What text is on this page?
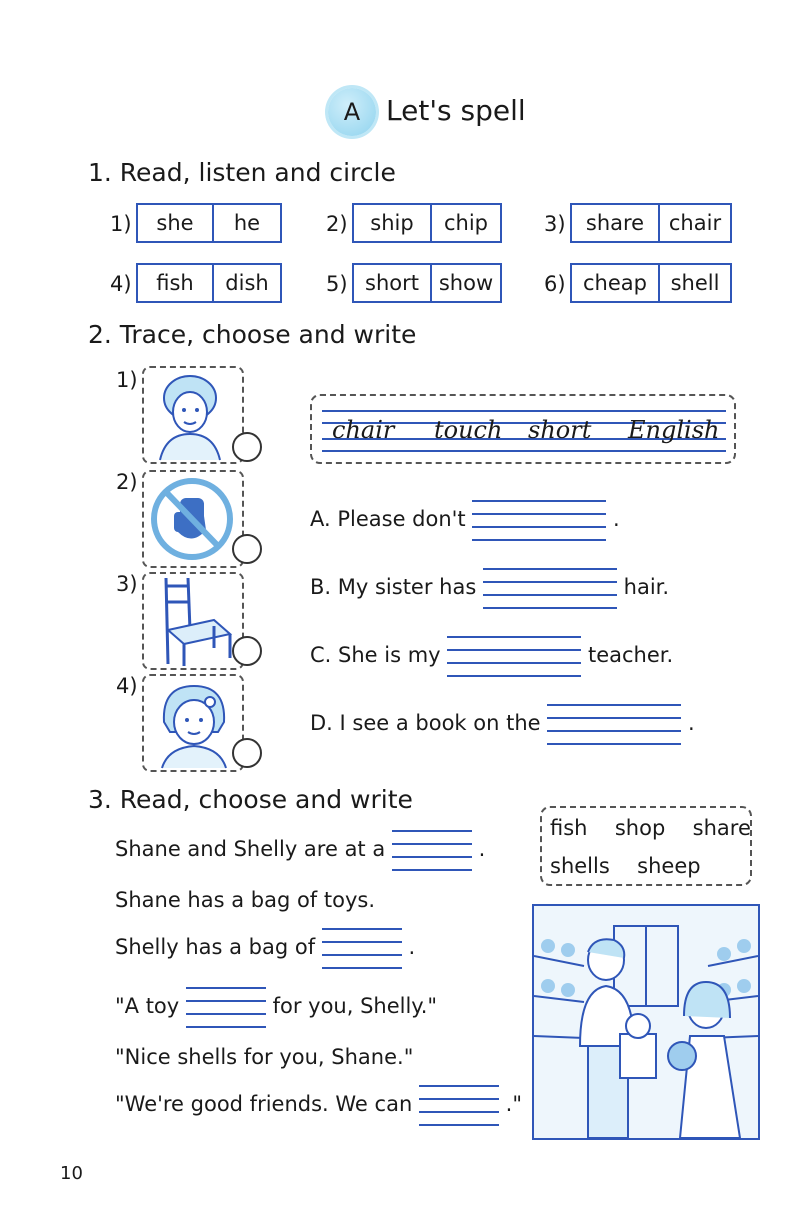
A Let's spell
1. Read, listen and circle
1)	she	he	2)	ship	chip	3) share	chair
4)	fish	dish	5) short show	6) cheap	shell
2. Trace, choose and write
1)
2)
3)
4)
chair touch short English
A. Please don't	.
B. My sister has	hair.
C. She is my	teacher.
D. I see a book on the	.
3. Read, choose and write
fish shop share
shells sheep
Shane and Shelly are at a	.
Shane has a bag of toys.
Shelly has a bag of	.
"A toy	for you, Shelly."
"Nice shells for you, Shane."
"We're good friends. We can	."
10
